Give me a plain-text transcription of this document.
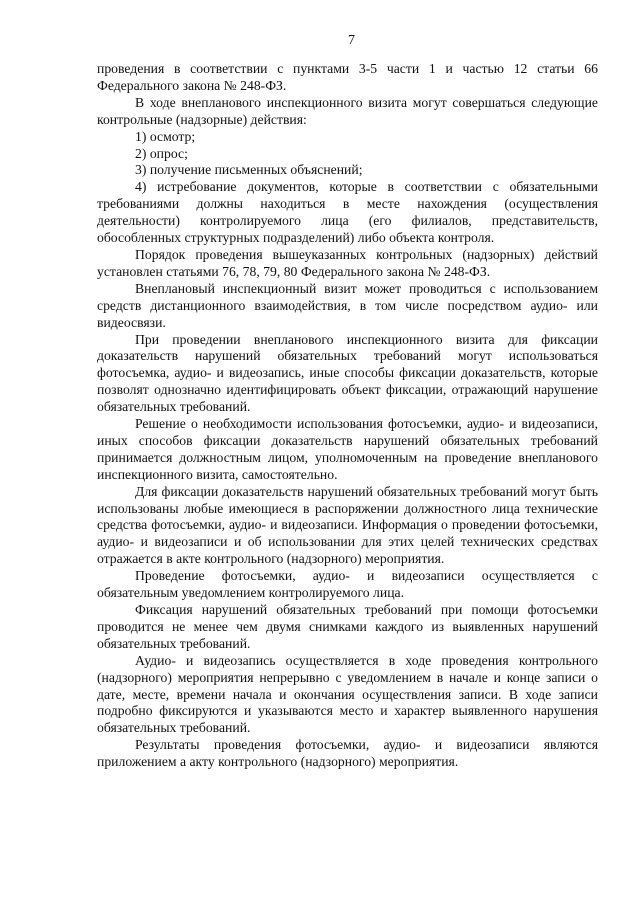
7

проведения в соответствии с пунктами 3-5 части 1 и частью 12 статьи 66 Федерального закона № 248-ФЗ.

В ходе внепланового инспекционного визита могут совершаться следующие контрольные (надзорные) действия:

1) осмотр;

2) опрос;

3) получение письменных объяснений;

4) истребование документов, которые в соответствии с обязательными требованиями должны находиться в месте нахождения (осуществления деятельности) контролируемого лица (его филиалов, представительств, обособленных структурных подразделений) либо объекта контроля.

Порядок проведения вышеуказанных контрольных (надзорных) действий установлен статьями 76, 78, 79, 80 Федерального закона № 248-ФЗ.

Внеплановый инспекционный визит может проводиться с использованием средств дистанционного взаимодействия, в том числе посредством аудио- или видеосвязи.

При проведении внепланового инспекционного визита для фиксации доказательств нарушений обязательных требований могут использоваться фотосъемка, аудио- и видеозапись, иные способы фиксации доказательств, которые позволят однозначно идентифицировать объект фиксации, отражающий нарушение обязательных требований.

Решение о необходимости использования фотосъемки, аудио- и видеозаписи, иных способов фиксации доказательств нарушений обязательных требований принимается должностным лицом, уполномоченным на проведение внепланового инспекционного визита, самостоятельно.

Для фиксации доказательств нарушений обязательных требований могут быть использованы любые имеющиеся в распоряжении должностного лица технические средства фотосъемки, аудио- и видеозаписи. Информация о проведении фотосъемки, аудио- и видеозаписи и об использовании для этих целей технических средствах отражается в акте контрольного (надзорного) мероприятия.

Проведение фотосъемки, аудио- и видеозаписи осуществляется с обязательным уведомлением контролируемого лица.

Фиксация нарушений обязательных требований при помощи фотосъемки проводится не менее чем двумя снимками каждого из выявленных нарушений обязательных требований.

Аудио- и видеозапись осуществляется в ходе проведения контрольного (надзорного) мероприятия непрерывно с уведомлением в начале и конце записи о дате, месте, времени начала и окончания осуществления записи. В ходе записи подробно фиксируются и указываются место и характер выявленного нарушения обязательных требований.

Результаты проведения фотосъемки, аудио- и видеозаписи являются приложением а акту контрольного (надзорного) мероприятия.
